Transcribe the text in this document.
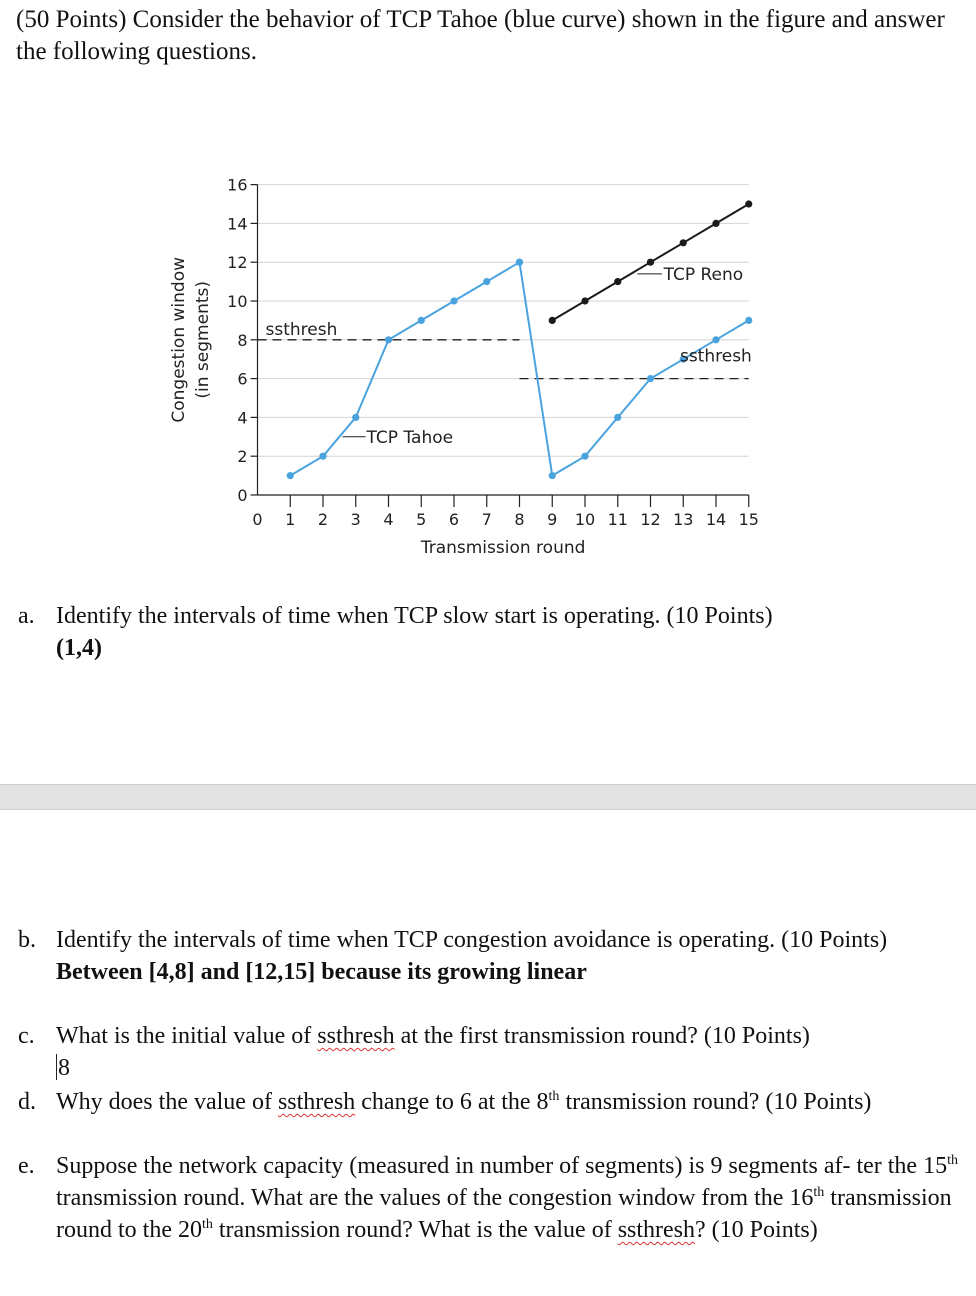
(50 Points) Consider the behavior of TCP Tahoe (blue curve) shown in the figure and answer the following questions.
0
2
4
6
8
10
12
14
16
0 1 2 3 4 5 6 7 8 9 10 11 12 13 14 15
Transmission round
Congestion window (in segments)	ssthresh
ssthresh
TCP Tahoe
TCP Reno
a. Identify the intervals of time when TCP slow start is operating. (10 Points)
(1,4)
b. Identify the intervals of time when TCP congestion avoidance is operating. (10 Points)
Between [4,8] and [12,15] because its growing linear
c. What is the initial value of ssthresh at the first transmission round? (10 Points)
8
d. Why does the value of ssthresh change to 6 at the 8th transmission round? (10 Points)
e. Suppose the network capacity (measured in number of segments) is 9 segments af- ter the 15th transmission round. What are the values of the congestion window from the 16th transmission round to the 20th transmission round? What is the value of ssthresh? (10 Points)
